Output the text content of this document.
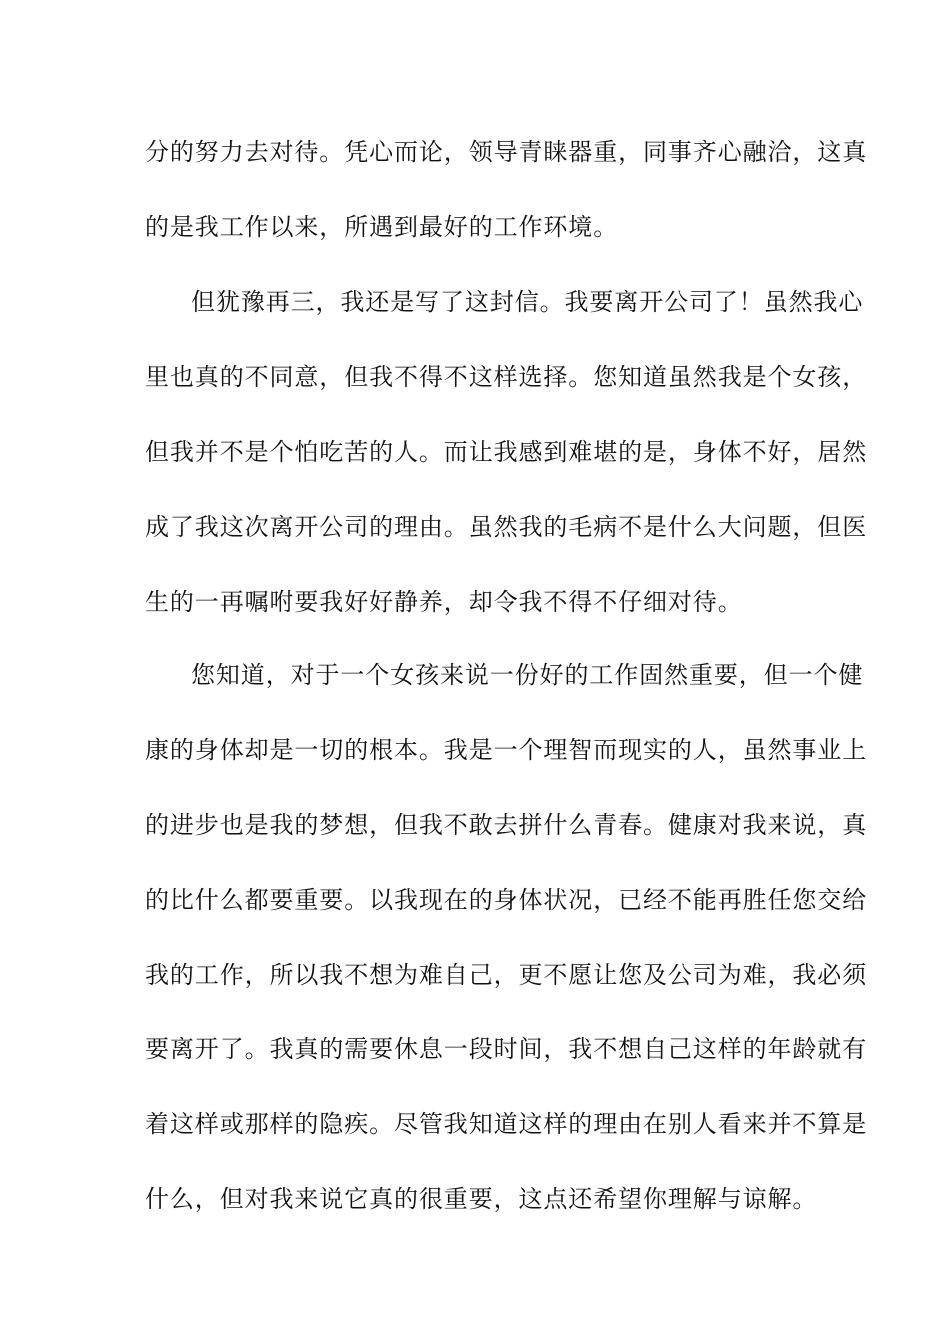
分的努力去对待。凭心而论，领导青睐器重，同事齐心融洽，这真
的是我工作以来，所遇到最好的工作环境。
但犹豫再三，我还是写了这封信。我要离开公司了！虽然我心
里也真的不同意，但我不得不这样选择。您知道虽然我是个女孩，
但我并不是个怕吃苦的人。而让我感到难堪的是，身体不好，居然
成了我这次离开公司的理由。虽然我的毛病不是什么大问题，但医
生的一再嘱咐要我好好静养，却令我不得不仔细对待。
您知道，对于一个女孩来说一份好的工作固然重要，但一个健
康的身体却是一切的根本。我是一个理智而现实的人，虽然事业上
的进步也是我的梦想，但我不敢去拼什么青春。健康对我来说，真
的比什么都要重要。以我现在的身体状况，已经不能再胜任您交给
我的工作，所以我不想为难自己，更不愿让您及公司为难，我必须
要离开了。我真的需要休息一段时间，我不想自己这样的年龄就有
着这样或那样的隐疾。尽管我知道这样的理由在别人看来并不算是
什么，但对我来说它真的很重要，这点还希望你理解与谅解。
